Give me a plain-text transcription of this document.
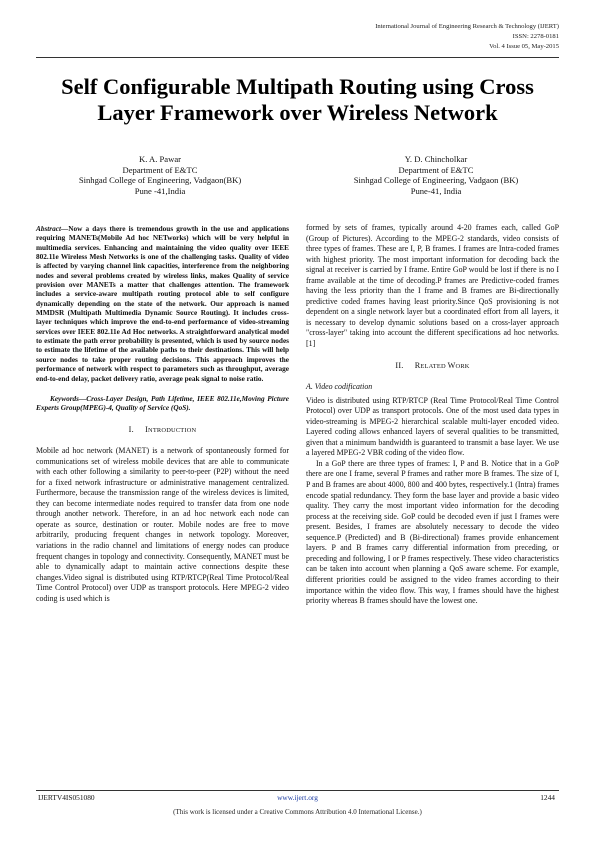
International Journal of Engineering Research & Technology (IJERT)
ISSN: 2278-0181
Vol. 4 Issue 05, May-2015
Self Configurable Multipath Routing using Cross Layer Framework over Wireless Network
K. A. Pawar
Department of E&TC
Sinhgad College of Engineering, Vadgaon(BK)
Pune -41,India
Y. D. Chincholkar
Department of E&TC
Sinhgad College of Engineering, Vadgaon (BK)
Pune-41, India

Abstract—Now a days there is tremendous growth in the use and applications requiring MANETs(Mobile Ad hoc NETworks) which will be very helpful in multimedia services. Enhancing and maintaining the video quality over IEEE 802.11e Wireless Mesh Networks is one of the challenging tasks. Quality of video is affected by varying channel link capacities, interference from the neighboring nodes and several problems created by wireless links, makes Quality of service provision over MANETs a matter that challenges attention. The framework includes a service-aware multipath routing protocol able to self configure dynamically depending on the state of the network. Our approach is named MMDSR (Multipath Multimedia Dynamic Source Routing). It includes cross-layer techniques which improve the end-to-end performance of video-streaming services over IEEE 802.11e Ad Hoc networks. A straightforward analytical model to estimate the path error probability is presented, which is used by source nodes to estimate the lifetime of the available paths to their destinations. This will help source nodes to take proper routing decisions. This approach improves the performance of network with respect to parameters such as throughput, average end-to-end delay, packet delivery ratio, average peak signal to noise ratio.

Keywords—Cross-Layer Design, Path Lifetime, IEEE 802.11e,Moving Picture Experts Group(MPEG)-4, Quality of Service (QoS).

I. INTRODUCTION

Mobile ad hoc network (MANET) is a network of spontaneously formed for communications set of wireless mobile devices that are able to communicate with each other following a similarity to peer-to-peer (P2P) without the need for a fixed network infrastructure or administrative management centralized. Furthermore, because the transmission range of the wireless devices is limited, they can become intermediate nodes required to transfer data from one node through another network. Therefore, in an ad hoc network each node can operate as source, destination or router. Mobile nodes are free to move arbitrarily, producing frequent changes in network topology. Moreover, variations in the radio channel and limitations of energy nodes can produce frequent changes in topology and connectivity. Consequently, MANET must be able to dynamically adapt to maintain active connections despite these changes.Video signal is distributed using RTP/RTCP(Real Time Protocol/Real Time Control Protocol) over UDP as transport protocols. Here MPEG-2 video coding is used which is

formed by sets of frames, typically around 4-20 frames each, called GoP (Group of Pictures). According to the MPEG-2 standards, video consists of three types of frames. These are I, P, B frames. I frames are Intra-coded frames with highest priority. The most important information for decoding back the signal at receiver is carried by I frame. Entire GoP would be lost if there is no I frame available at the time of decoding.P frames are Predictive-coded frames having the less priority than the I frame and B frames are Bi-directionally predictive coded frames having least priority.Since QoS provisioning is not dependent on a single network layer but a coordinated effort from all layers, it is necessary to develop dynamic solutions based on a cross-layer approach "cross-layer" taking into account the different specifications ad hoc networks. [1]

II. RELATED WORK

A. Video codification

Video is distributed using RTP/RTCP (Real Time Protocol/Real Time Control Protocol) over UDP as transport protocols. One of the most used data types in video-streaming is MPEG-2 hierarchical scalable multi-layer encoded video. Layered coding allows enhanced layers of several qualities to be transmitted, given that a minimum bandwidth is guaranteed to transmit a base layer. We use a layered MPEG-2 VBR coding of the video flow.

In a GoP there are three types of frames: I, P and B. Notice that in a GoP there are one I frame, several P frames and rather more B frames. The size of I, P and B frames are about 4000, 800 and 400 bytes, respectively.1 (Intra) frames encode spatial redundancy. They form the base layer and provide a basic video quality. They carry the most important video information for the decoding process at the receiving side. GoP could be decoded even if just I frames were present. Besides, I frames are absolutely necessary to decode the video sequence.P (Predicted) and B (Bi-directional) frames provide enhancement layers. P and B frames carry differential information from preceding, or preceding and following, I or P frames respectively. These video characteristics can be taken into account when planning a QoS aware scheme. For example, different priorities could be assigned to the video frames according to their importance within the video flow. This way, I frames should have the highest priority whereas B frames should have the lowest one.

IJERTV4IS051080	www.ijert.org	1244
(This work is licensed under a Creative Commons Attribution 4.0 International License.)
